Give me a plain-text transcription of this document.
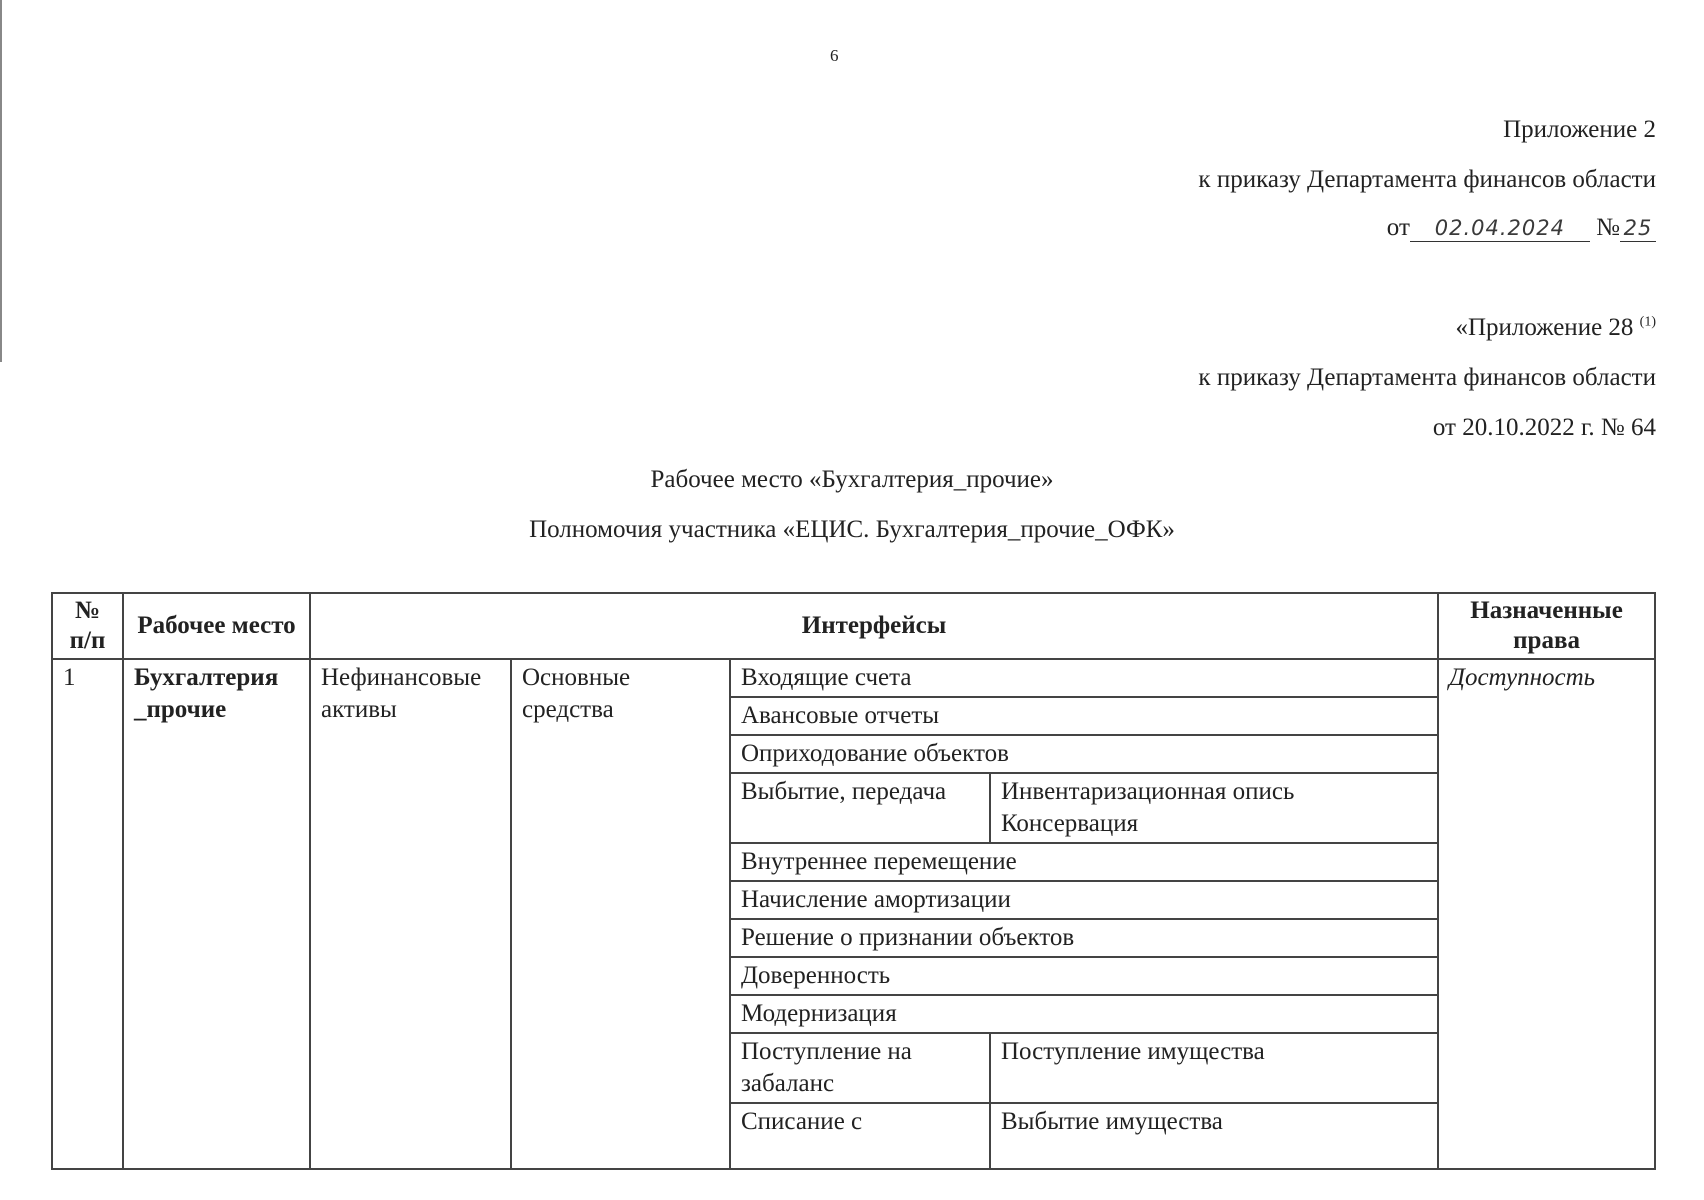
6
Приложение 2
к приказу Департамента финансов области
от 02.04.2024 № 25
«Приложение 28 $^{(1)}$
к приказу Департамента финансов области
от 20.10.2022 г. № 64
Рабочее место «Бухгалтерия_прочие»
Полномочия участника «ЕЦИС. Бухгалтерия_прочие_ОФК»
№ п/п	Рабочее место	Интерфейсы				Назначенные права
1	Бухгалтерия _прочие	Нефинансовые активы	Основные средства	Входящие счета		Доступность
				Авансовые отчеты		
				Оприходование объектов		
				Выбытие, передача	Инвентаризационная опись
Консервация	

				Внутреннее перемещение		
				Начисление амортизации		
				Решение о признании объектов		
				Доверенность		
				Модернизация		
				Поступление на забаланс	Поступление имущества	
				Списание с	Выбытие имущества	
